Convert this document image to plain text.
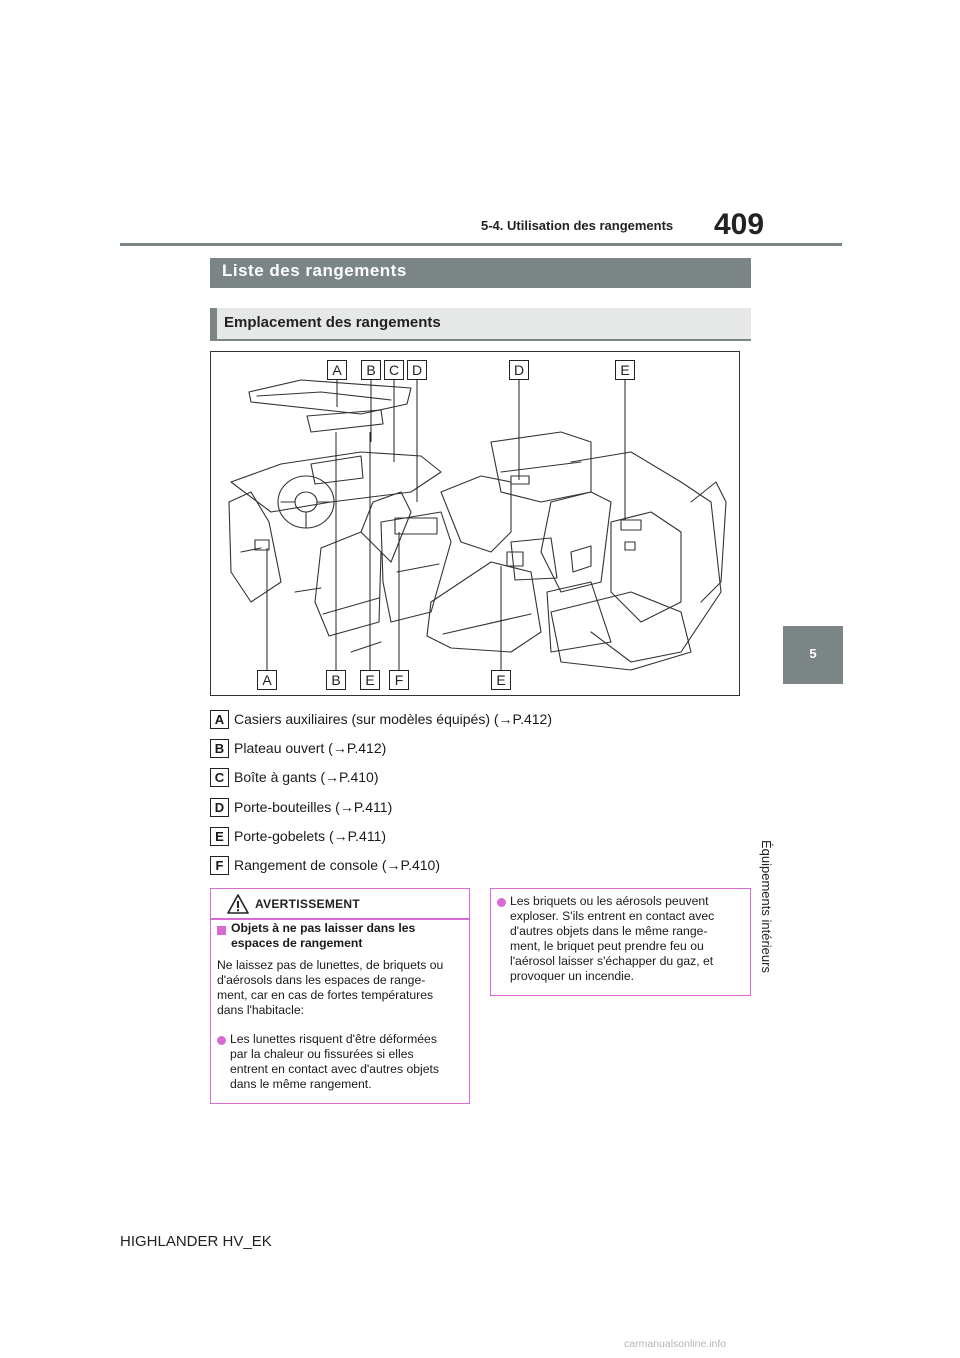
5-4. Utilisation des rangements 409
5
Équipements intérieurs
Liste des rangements
Emplacement des rangements
A	B C D	D	E
A	B	E	F	E
A Casiers auxiliaires (sur modèles équipés) (→P.412)
B Plateau ouvert (→P.412)
C Boîte à gants (→P.410)
D Porte-bouteilles (→P.411)
E Porte-gobelets (→P.411)
F Rangement de console (→P.410)
AVERTISSEMENT
Objets à ne pas laisser dans les espaces de rangement
Ne laissez pas de lunettes, de briquets ou
d'aérosols dans les espaces de range-
ment, car en cas de fortes températures
dans l'habitacle:
Les lunettes risquent d'être déformées
par la chaleur ou fissurées si elles
entrent en contact avec d'autres objets
dans le même rangement.
Les briquets ou les aérosols peuvent
exploser. S'ils entrent en contact avec
d'autres objets dans le même range-
ment, le briquet peut prendre feu ou
l'aérosol laisser s'échapper du gaz, et
provoquer un incendie.
HIGHLANDER HV_EK
carmanualsonline.info
